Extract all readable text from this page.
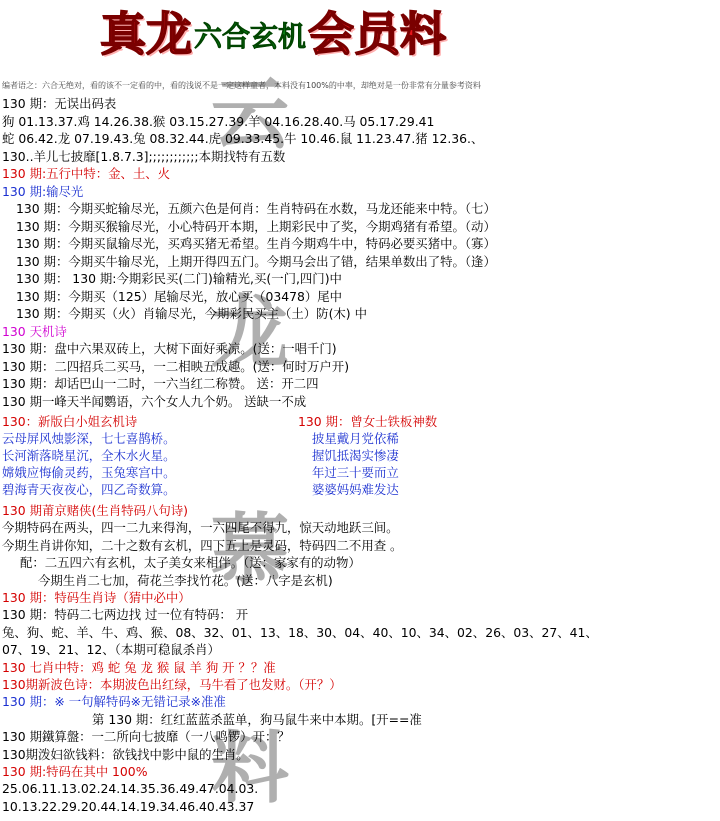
云
龙
慕
料
真龙六合玄机会员料
编者语之：六合无绝对，看的该不一定看的中，看的浅说不是一定这样童者，本料没有100%的中率，却绝对是一份非常有分量参考资料
130 期：无误出码表
狗 01.13.37.鸡 14.26.38.猴 03.15.27.39.羊 04.16.28.40.马 05.17.29.41
蛇 06.42.龙 07.19.43.兔 08.32.44.虎 09.33.45.牛 10.46.鼠 11.23.47.猪 12.36.、
130..羊儿七披靡[1.8.7.3];;;;;;;;;;;;本期找特有五数
130 期:五行中特：金、土、火
130 期:输尽光
130 期：今期买蛇输尽光，五颜六色是何肖：生肖特码在水数，马龙还能来中特。（七）
130 期：今期买猴输尽光，小心特码开本期，上期彩民中了奖，今期鸡猪有希望。（动）
130 期：今期买鼠输尽光，买鸡买猪无希望。生肖今期鸡牛中，特码必要买猪中。（寡）
130 期：今期买牛输尽光，上期开得四五门。今期马会出了错，结果单数出了特。（逢）
130 期： 130 期:今期彩民买(二门)输精光,买(一门,四门)中
130 期：今期买（125）尾输尽光，放心买（03478）尾中
130 期：今期买（火）肖输尽光，今期彩民买主（土）防(木) 中
130 天机诗
130 期：盘中六果双砖上，大树下面好乘凉。(送：一唱千门)
130 期：二四招兵二买马，一二相映五成趣。(送：何时万户开)
130 期：却话巴山一二时，一六当红二称赞。 送：开二四
130 期一峰天半闻鹦语，六个女人九个奶。 送缺一不成
130：新版白小姐玄机诗	130 期：曾女士铁板神数
云母屏风烛影深，七七喜鹊桥。
长河渐落晓星沉，全木水火星。
嫦娥应悔偷灵药，玉兔寒宫中。
碧海青天夜夜心，四乙奇数算。
披星戴月党依稀
握饥抵渴实惨凄
年过三十要而立
婆婆妈妈难发达
130 期莆京赌侠(生肖特码八句诗)
今期特码在两头，四一二九来得洵，一六四尾不得九，惊天动地跃三间。
今期生肖讲你知，二十之数有玄机，四下五上是灵码，特码四二不用查 。
配：二五四六有玄机，太子美女来相伴。（送：家家有的动物）
今期生肖二七加，荷花兰李找竹花。(送：八字是玄机)
130 期：特码生肖诗（猜中必中）
130 期：特码二七两边找 过一位有特码： 开
兔、狗、蛇、羊、牛、鸡、猴、08、32、01、13、18、30、04、40、10、34、02、26、03、27、41、
07、19、21、12、（本期可稳鼠杀肖）
130 七肖中特：鸡 蛇 兔 龙 猴 鼠 羊 狗 开 ？？准
130期新波色诗：本期波色出红绿，马牛看了也发财。（开？）
130 期：※ 一句解特码※无错记录※准准
第 130 期：红红蓝蓝杀蓝单，狗马鼠牛来中本期。[开==准
130 期鐵算盤：一二所向七披靡（一八鸣锣）开：？
130期泼妇欲钱料：欲钱找中影中鼠的生肖。
130 期:特码在其中 100%
25.06.11.13.02.24.14.35.36.49.47.04.03.
10.13.22.29.20.44.14.19.34.46.40.43.37
